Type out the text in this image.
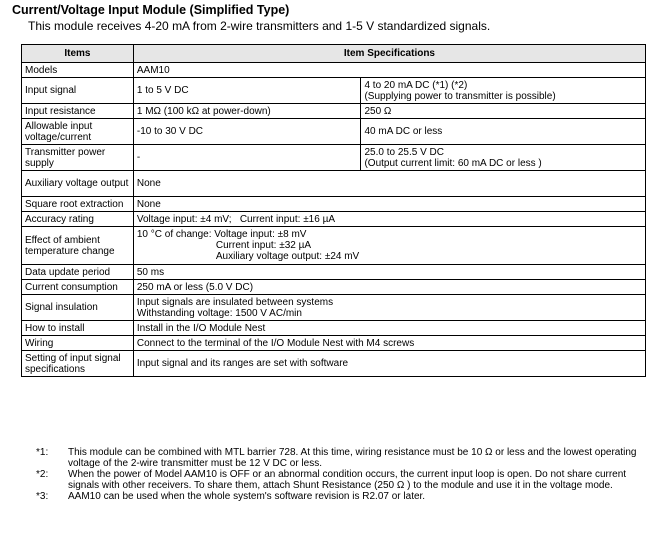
Current/Voltage Input Module (Simplified Type)
This module receives 4-20 mA from 2-wire transmitters and 1-5 V standardized signals.
Items	Item Specifications	
Models	AAM10	
Input signal	1 to 5 V DC	4 to 20 mA DC (*1) (*2)
(Supplying power to transmitter is possible)

Input resistance	1 MΩ (100 kΩ at power-down)	250 Ω
Allowable input voltage/current	-10 to 30 V DC	40 mA DC or less
Transmitter power supply	-	25.0 to 25.5 V DC
(Output current limit: 60 mA DC or less )

Auxiliary voltage output	None	
Square root extraction	None	
Accuracy rating	Voltage input: ±4 mV;   Current input: ±16 µA	
Effect of ambient temperature change	10 °C of change: Voltage input: ±8 mV
Current input: ±32 µA
Auxiliary voltage output: ±24 mV	

Data update period	50 ms	
Current consumption	250 mA or less (5.0 V DC)	
Signal insulation	Input signals are insulated between systems
Withstanding voltage: 1500 V AC/min	

How to install	Install in the I/O Module Nest	
Wiring	Connect to the terminal of the I/O Module Nest with M4 screws	
Setting of input signal specifications	Input signal and its ranges are set with software	
*1:	This module can be combined with MTL barrier 728. At this time, wiring resistance must be 10 Ω or less and the lowest operating voltage of the 2-wire transmitter must be 12 V DC or less.
*2:	When the power of Model AAM10 is OFF or an abnormal condition occurs, the current input loop is open. Do not share current signals with other receivers. To share them, attach Shunt Resistance (250 Ω ) to the module and use it in the voltage mode.
*3:	AAM10 can be used when the whole system's software revision is R2.07 or later.
